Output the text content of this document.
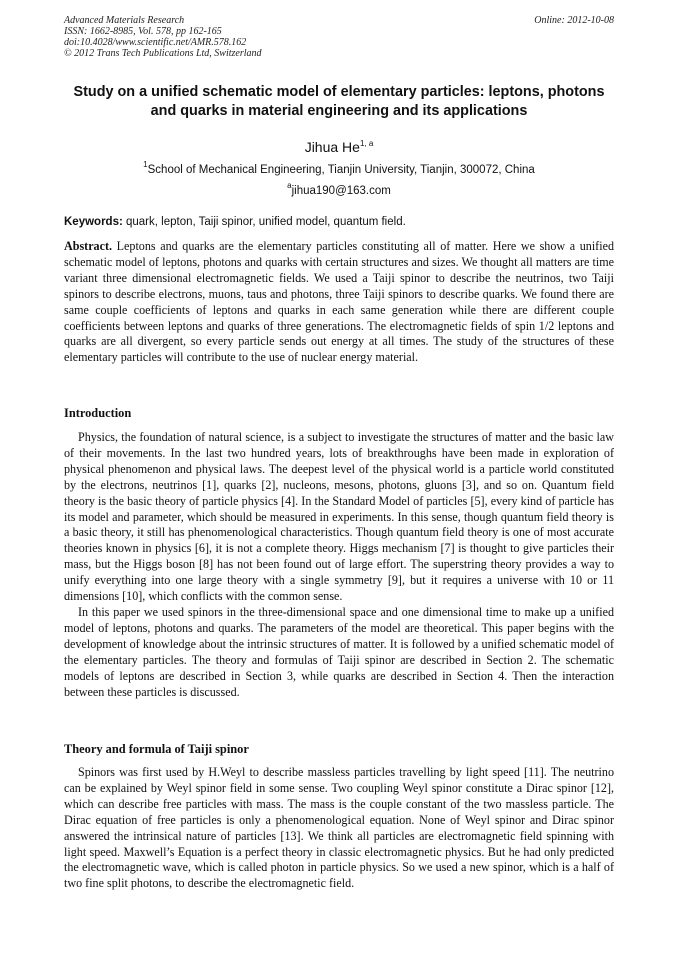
Advanced Materials Research
ISSN: 1662-8985, Vol. 578, pp 162-165
doi:10.4028/www.scientific.net/AMR.578.162
© 2012 Trans Tech Publications Ltd, Switzerland
Online: 2012-10-08
Study on a unified schematic model of elementary particles: leptons, photons and quarks in material engineering and its applications
Jihua He$^{1, a}$
$^1$School of Mechanical Engineering, Tianjin University, Tianjin, 300072, China
$^a$jihua190@163.com
Keywords: quark, lepton, Taiji spinor, unified model, quantum field.
Abstract. Leptons and quarks are the elementary particles constituting all of matter. Here we show a unified schematic model of leptons, photons and quarks with certain structures and sizes. We thought all matters are time variant three dimensional electromagnetic fields. We used a Taiji spinor to describe the neutrinos, two Taiji spinors to describe electrons, muons, taus and photons, three Taiji spinors to describe quarks. We found there are same couple coefficients of leptons and quarks in each same generation while there are different couple coefficients between leptons and quarks of three generations. The electromagnetic fields of spin 1/2 leptons and quarks are all divergent, so every particle sends out energy at all times. The study of the structures of these elementary particles will contribute to the use of nuclear energy material.
Introduction

Physics, the foundation of natural science, is a subject to investigate the structures of matter and the basic law of their movements. In the last two hundred years, lots of breakthroughs have been made in exploration of physical phenomenon and physical laws. The deepest level of the physical world is a particle world constituted by the electrons, neutrinos [1], quarks [2], nucleons, mesons, photons, gluons [3], and so on. Quantum field theory is the basic theory of particle physics [4]. In the Standard Model of particles [5], every kind of particle has its model and parameter, which should be measured in experiments. In this sense, though quantum field theory is a basic theory, it still has phenomenological characteristics. Though quantum field theory is one of most accurate theories known in physics [6], it is not a complete theory. Higgs mechanism [7] is thought to give particles their mass, but the Higgs boson [8] has not been found out of large effort. The superstring theory provides a way to unify everything into one large theory with a single symmetry [9], but it requires a universe with 10 or 11 dimensions [10], which conflicts with the common sense.

In this paper we used spinors in the three-dimensional space and one dimensional time to make up a unified model of leptons, photons and quarks. The parameters of the model are theoretical. This paper begins with the development of knowledge about the intrinsic structures of matter. It is followed by a unified schematic model of the elementary particles. The theory and formulas of Taiji spinor are described in Section 2. The schematic models of leptons are described in Section 3, while quarks are described in Section 4. Then the interaction between these particles is discussed.

Theory and formula of Taiji spinor

Spinors was first used by H.Weyl to describe massless particles travelling by light speed [11]. The neutrino can be explained by Weyl spinor field in some sense. Two coupling Weyl spinor constitute a Dirac spinor [12], which can describe free particles with mass. The mass is the couple constant of the two massless particle. The Dirac equation of free particles is only a phenomenological equation. None of Weyl spinor and Dirac spinor answered the intrinsical nature of particles [13]. We think all particles are electromagnetic field spinning with light speed. Maxwell’s Equation is a perfect theory in classic electromagnetic physics. But he had only predicted the electromagnetic wave, which is called photon in particle physics. So we used a new spinor, which is a half of two fine split photons, to describe the electromagnetic field.
